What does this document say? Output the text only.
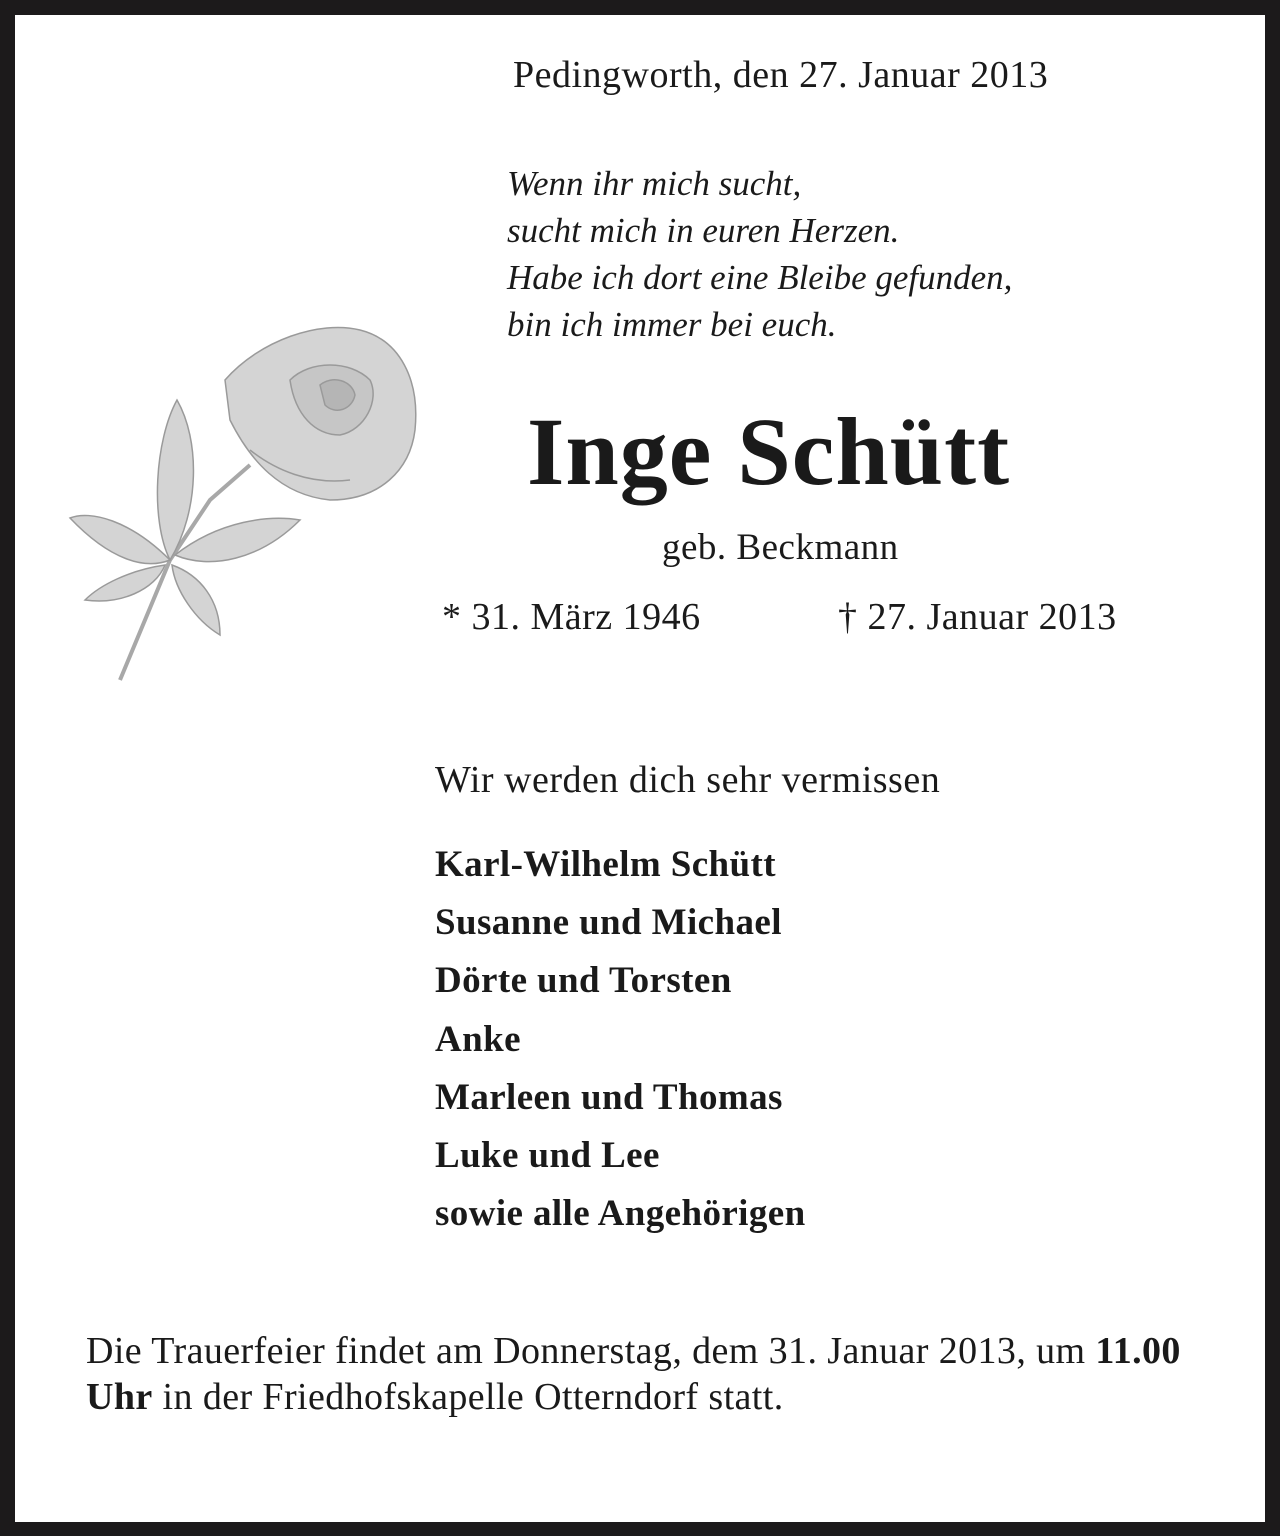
Pedingworth, den 27. Januar 2013
Wenn ihr mich sucht,
sucht mich in euren Herzen.
Habe ich dort eine Bleibe gefunden,
bin ich immer bei euch.
Inge Schütt
geb. Beckmann
* 31. März 1946	† 27. Januar 2013
Wir werden dich sehr vermissen
Karl-Wilhelm Schütt
Susanne und Michael
Dörte und Torsten
Anke
Marleen und Thomas
Luke und Lee
sowie alle Angehörigen
Die Trauerfeier findet am Donnerstag, dem 31. Januar 2013, um 11.00 Uhr in der Friedhofskapelle Otterndorf statt.
